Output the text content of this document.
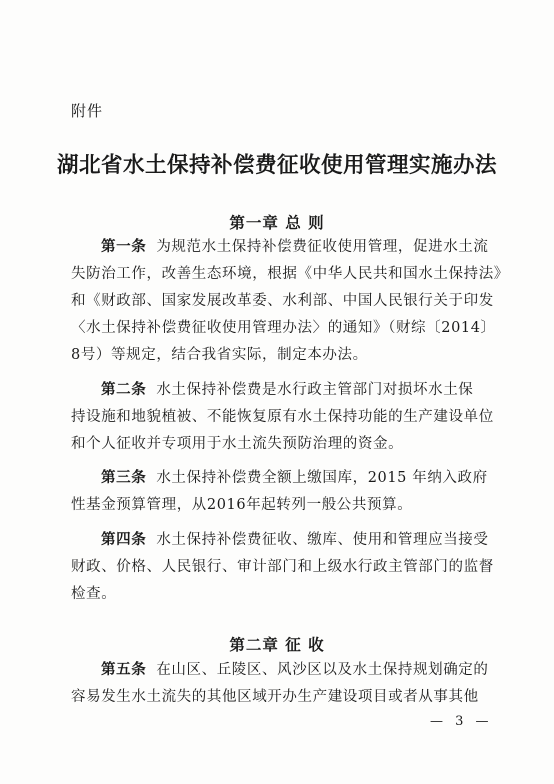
附件
湖北省水土保持补偿费征收使用管理实施办法
第一章 总 则
第一条 为规范水土保持补偿费征收使用管理，促进水土流
失防治工作，改善生态环境，根据《中华人民共和国水土保持法》
和《财政部、国家发展改革委、水利部、中国人民银行关于印发
〈水土保持补偿费征收使用管理办法〉的通知》（财综〔2014〕
8号）等规定，结合我省实际，制定本办法。
第二条 水土保持补偿费是水行政主管部门对损坏水土保
持设施和地貌植被、不能恢复原有水土保持功能的生产建设单位
和个人征收并专项用于水土流失预防治理的资金。
第三条 水土保持补偿费全额上缴国库，2015 年纳入政府
性基金预算管理，从2016年起转列一般公共预算。
第四条 水土保持补偿费征收、缴库、使用和管理应当接受
财政、价格、人民银行、审计部门和上级水行政主管部门的监督
检查。
第二章 征 收
第五条 在山区、丘陵区、风沙区以及水土保持规划确定的
容易发生水土流失的其他区域开办生产建设项目或者从事其他
— 3 —
